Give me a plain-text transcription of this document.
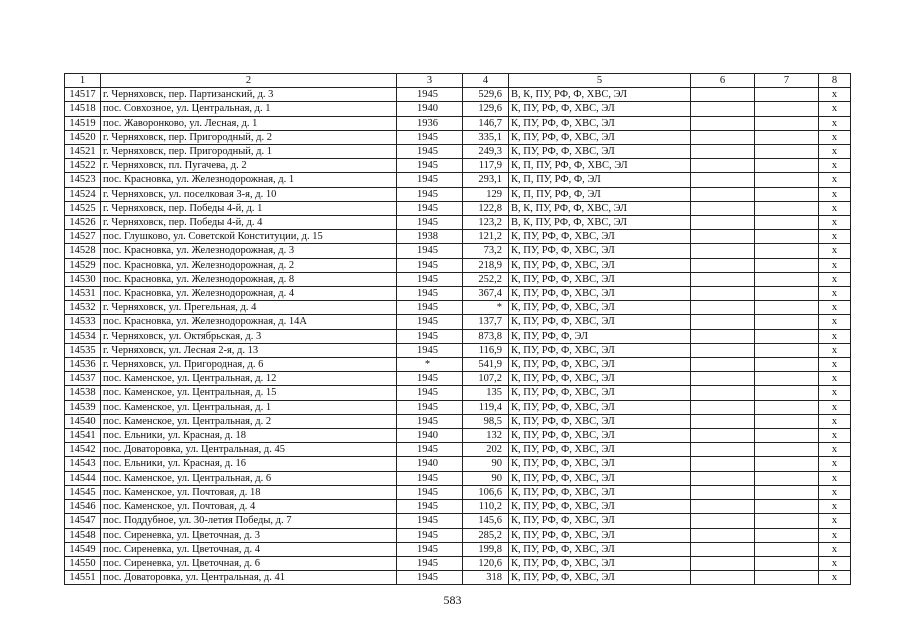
1	2	3	4	5	6	7	8
14517	г. Черняховск, пер. Партизанский, д. 3	1945	529,6	В, К, ПУ, РФ, Ф, ХВС, ЭЛ			х
14518	пос. Совхозное, ул. Центральная, д. 1	1940	129,6	К, ПУ, РФ, Ф, ХВС, ЭЛ			х
14519	пос. Жаворонково, ул. Лесная, д. 1	1936	146,7	К, ПУ, РФ, Ф, ХВС, ЭЛ			х
14520	г. Черняховск, пер. Пригородный, д. 2	1945	335,1	К, ПУ, РФ, Ф, ХВС, ЭЛ			х
14521	г. Черняховск, пер. Пригородный, д. 1	1945	249,3	К, ПУ, РФ, Ф, ХВС, ЭЛ			х
14522	г. Черняховск, пл. Пугачева, д. 2	1945	117,9	К, П, ПУ, РФ, Ф, ХВС, ЭЛ			х
14523	пос. Красновка, ул. Железнодорожная, д. 1	1945	293,1	К, П, ПУ, РФ, Ф, ЭЛ			х
14524	г. Черняховск, ул. поселковая 3-я, д. 10	1945	129	К, П, ПУ, РФ, Ф, ЭЛ			х
14525	г. Черняховск, пер. Победы 4-й, д. 1	1945	122,8	В, К, ПУ, РФ, Ф, ХВС, ЭЛ			х
14526	г. Черняховск, пер. Победы 4-й, д. 4	1945	123,2	В, К, ПУ, РФ, Ф, ХВС, ЭЛ			х
14527	пос. Глушково, ул. Советской Конституции, д. 15	1938	121,2	К, ПУ, РФ, Ф, ХВС, ЭЛ			х
14528	пос. Красновка, ул. Железнодорожная, д. 3	1945	73,2	К, ПУ, РФ, Ф, ХВС, ЭЛ			х
14529	пос. Красновка, ул. Железнодорожная, д. 2	1945	218,9	К, ПУ, РФ, Ф, ХВС, ЭЛ			х
14530	пос. Красновка, ул. Железнодорожная, д. 8	1945	252,2	К, ПУ, РФ, Ф, ХВС, ЭЛ			х
14531	пос. Красновка, ул. Железнодорожная, д. 4	1945	367,4	К, ПУ, РФ, Ф, ХВС, ЭЛ			х
14532	г. Черняховск, ул. Прегельная, д. 4	1945	*	К, ПУ, РФ, Ф, ХВС, ЭЛ			х
14533	пос. Красновка, ул. Железнодорожная, д. 14А	1945	137,7	К, ПУ, РФ, Ф, ХВС, ЭЛ			х
14534	г. Черняховск, ул. Октябрьская, д. 3	1945	873,8	К, ПУ, РФ, Ф, ЭЛ			х
14535	г. Черняховск, ул. Лесная 2-я, д. 13	1945	116,9	К, ПУ, РФ, Ф, ХВС, ЭЛ			х
14536	г. Черняховск, ул. Пригородная, д. 6	*	541,9	К, ПУ, РФ, Ф, ХВС, ЭЛ			х
14537	пос. Каменское, ул. Центральная, д. 12	1945	107,2	К, ПУ, РФ, Ф, ХВС, ЭЛ			х
14538	пос. Каменское, ул. Центральная, д. 15	1945	135	К, ПУ, РФ, Ф, ХВС, ЭЛ			х
14539	пос. Каменское, ул. Центральная, д. 1	1945	119,4	К, ПУ, РФ, Ф, ХВС, ЭЛ			х
14540	пос. Каменское, ул. Центральная, д. 2	1945	98,5	К, ПУ, РФ, Ф, ХВС, ЭЛ			х
14541	пос. Ельники, ул. Красная, д. 18	1940	132	К, ПУ, РФ, Ф, ХВС, ЭЛ			х
14542	пос. Доваторовка, ул. Центральная, д. 45	1945	202	К, ПУ, РФ, Ф, ХВС, ЭЛ			х
14543	пос. Ельники, ул. Красная, д. 16	1940	90	К, ПУ, РФ, Ф, ХВС, ЭЛ			х
14544	пос. Каменское, ул. Центральная, д. 6	1945	90	К, ПУ, РФ, Ф, ХВС, ЭЛ			х
14545	пос. Каменское, ул. Почтовая, д. 18	1945	106,6	К, ПУ, РФ, Ф, ХВС, ЭЛ			х
14546	пос. Каменское, ул. Почтовая, д. 4	1945	110,2	К, ПУ, РФ, Ф, ХВС, ЭЛ			х
14547	пос. Поддубное, ул. 30-летия Победы, д. 7	1945	145,6	К, ПУ, РФ, Ф, ХВС, ЭЛ			х
14548	пос. Сиреневка, ул. Цветочная, д. 3	1945	285,2	К, ПУ, РФ, Ф, ХВС, ЭЛ			х
14549	пос. Сиреневка, ул. Цветочная, д. 4	1945	199,8	К, ПУ, РФ, Ф, ХВС, ЭЛ			х
14550	пос. Сиреневка, ул. Цветочная, д. 6	1945	120,6	К, ПУ, РФ, Ф, ХВС, ЭЛ			х
14551	пос. Доваторовка, ул. Центральная, д. 41	1945	318	К, ПУ, РФ, Ф, ХВС, ЭЛ			х
583
